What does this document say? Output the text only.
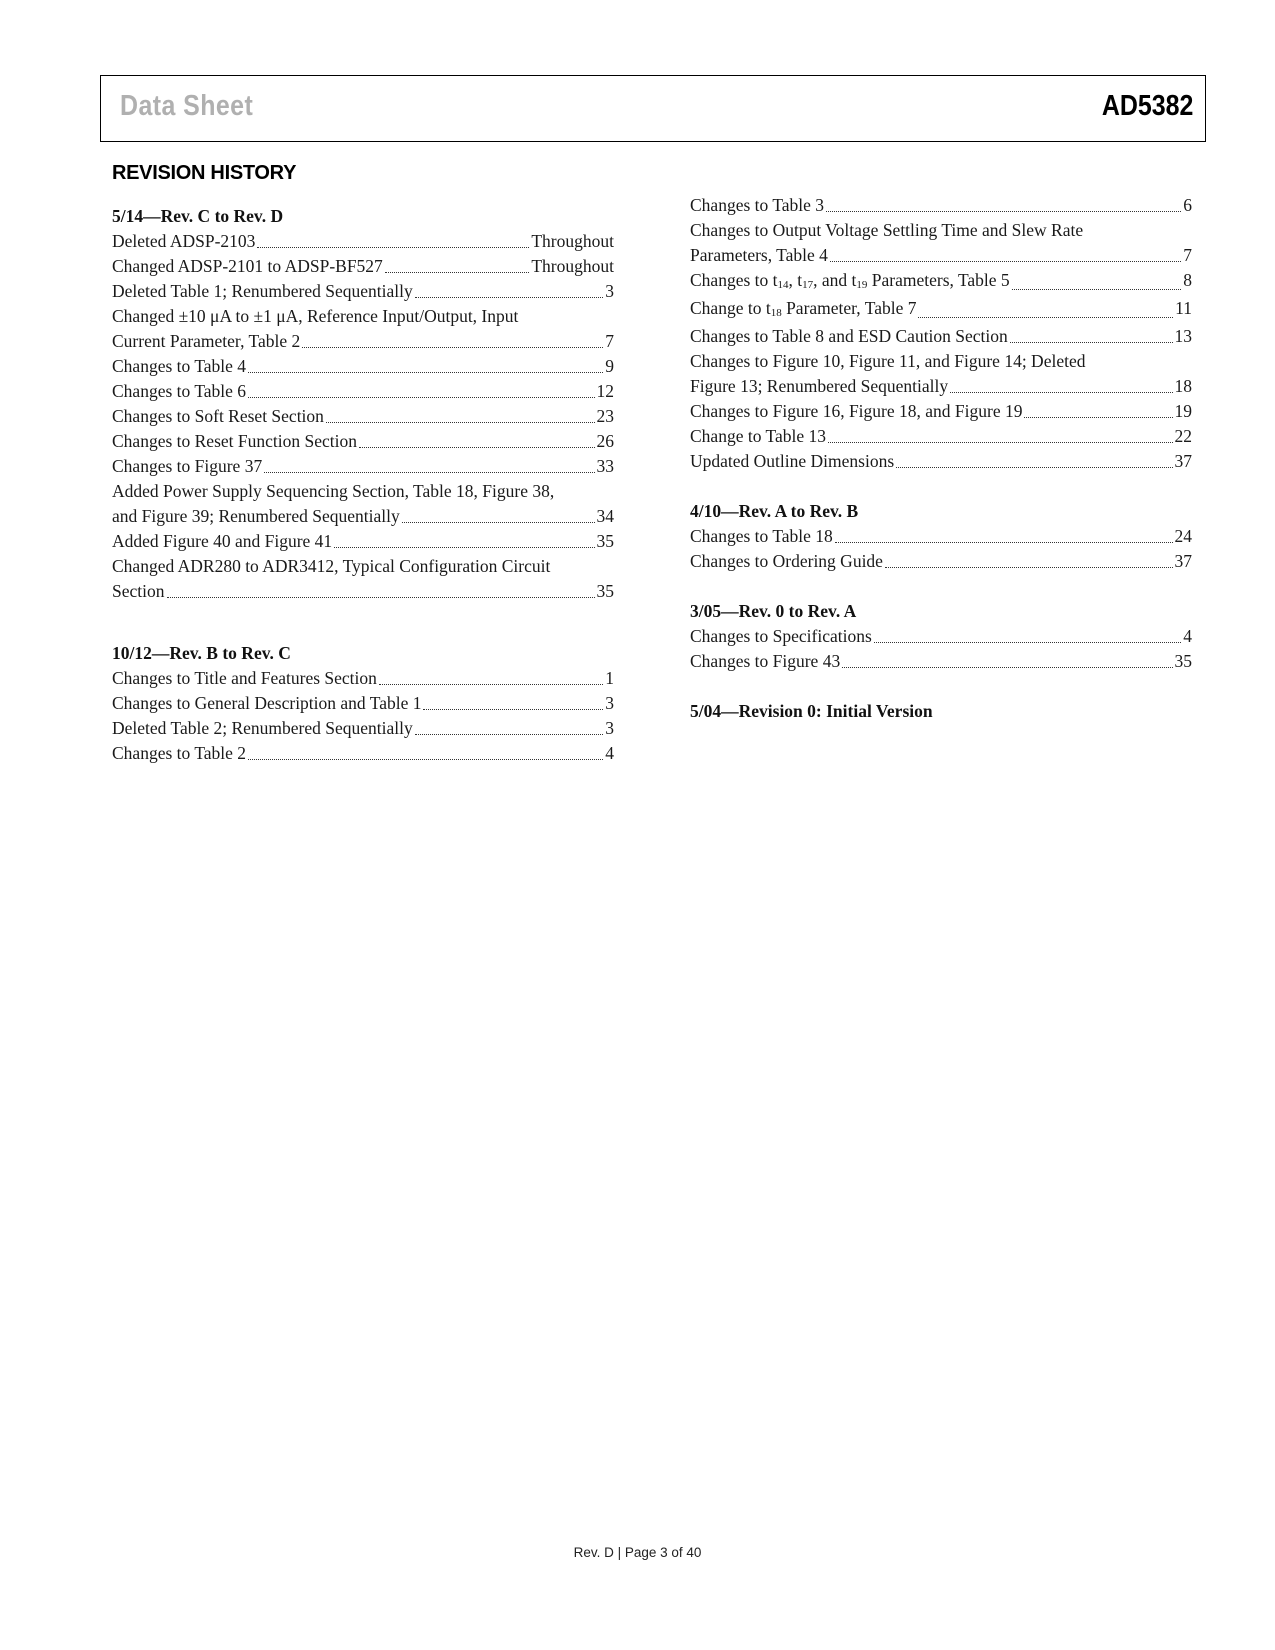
Data Sheet	AD5382
REVISION HISTORY
5/14—Rev. C to Rev. D
Deleted ADSP-2103	Throughout
Changed ADSP-2101 to ADSP-BF527	Throughout
Deleted Table 1; Renumbered Sequentially	3
Changed ±10 μA to ±1 μA, Reference Input/Output, Input
Current Parameter, Table 2	7
Changes to Table 4	9
Changes to Table 6	12
Changes to Soft Reset Section	23
Changes to Reset Function Section	26
Changes to Figure 37	33
Added Power Supply Sequencing Section, Table 18, Figure 38,
and Figure 39; Renumbered Sequentially	34
Added Figure 40 and Figure 41	35
Changed ADR280 to ADR3412, Typical Configuration Circuit
Section	35
10/12—Rev. B to Rev. C
Changes to Title and Features Section	1
Changes to General Description and Table 1	3
Deleted Table 2; Renumbered Sequentially	3
Changes to Table 2	4
Changes to Table 3	6
Changes to Output Voltage Settling Time and Slew Rate
Parameters, Table 4	7
Changes to $t_{14}$, $t_{17}$, and $t_{19}$ Parameters, Table 5	8
Change to $t_{18}$ Parameter, Table 7	11
Changes to Table 8 and ESD Caution Section	13
Changes to Figure 10, Figure 11, and Figure 14; Deleted
Figure 13; Renumbered Sequentially	18
Changes to Figure 16, Figure 18, and Figure 19	19
Change to Table 13	22
Updated Outline Dimensions	37
4/10—Rev. A to Rev. B
Changes to Table 18	24
Changes to Ordering Guide	37
3/05—Rev. 0 to Rev. A
Changes to Specifications	4
Changes to Figure 43	35
5/04—Revision 0: Initial Version
Rev. D | Page 3 of 40
